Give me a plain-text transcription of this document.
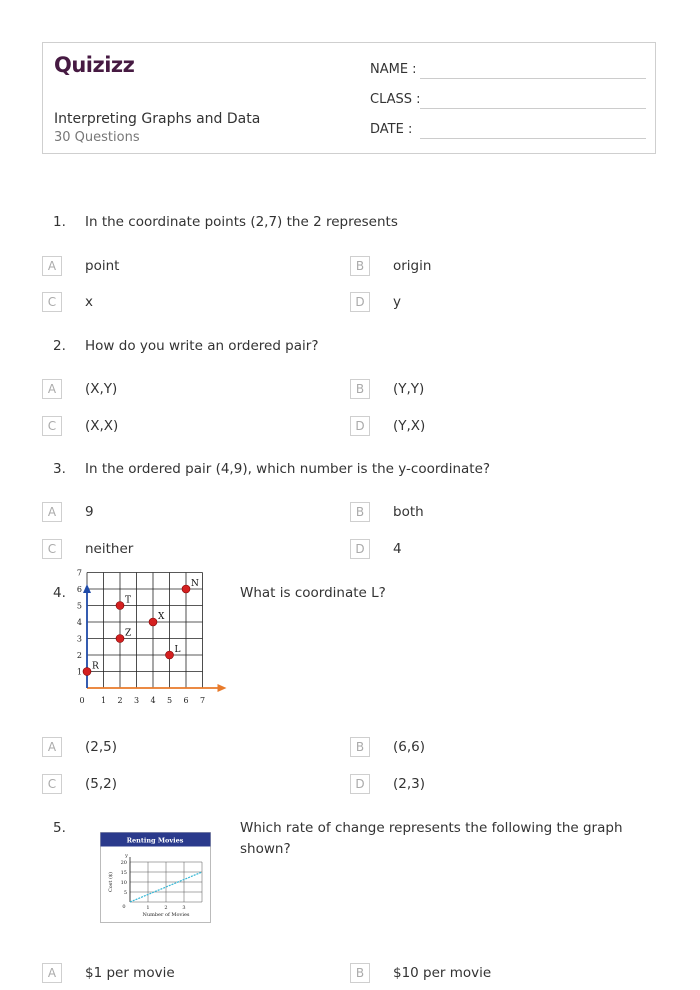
Quizizz
Interpreting Graphs and Data
30 Questions
NAME :
CLASS :
DATE :
1. In the coordinate points (2,7) the 2 represents
A	point	B	origin
C	x	D	y
2. How do you write an ordered pair?
A	(X,Y)	B	(Y,Y)
C	(X,X)	D	(Y,X)
3. In the ordered pair (4,9), which number is the y-coordinate?
A	9	B	both
C	neither	D	4
4.	What is coordinate L?
0 1 2 3 4 5 6 7
1
2
3
4
5
6
7
R
T
Z
X
L
N
A	(2,5)	B	(6,6)
C	(5,2)	D	(2,3)
5.	Which rate of change represents the following the graph shown?
Renting Movies
y
0
5
10
15
20
1	2	3
Number of Movies
Cost ($)
A	$1 per movie	B	$10 per movie
